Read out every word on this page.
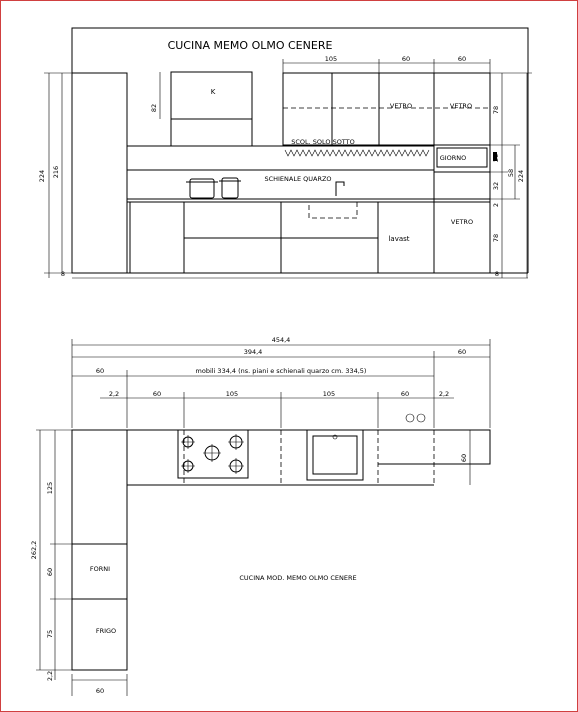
CUCINA MEMO OLMO CENERE
K
VETRO	VETRO
105	60	60
SCOL. SOLO SOTTO
SCHIENALE QUARZO
GIORNO
lavast
VETRO
224 216
8
82	78
26
58
32
2
78
224
8
454,4
394,4	60
60	mobili 334,4 (ns. piani e schienali quarzo cm. 334,5)
2,2	60	105	105	60	2,2
60
FORNI
FRIGO
262,2
125
60
75
2,2
60
CUCINA MOD. MEMO OLMO CENERE
